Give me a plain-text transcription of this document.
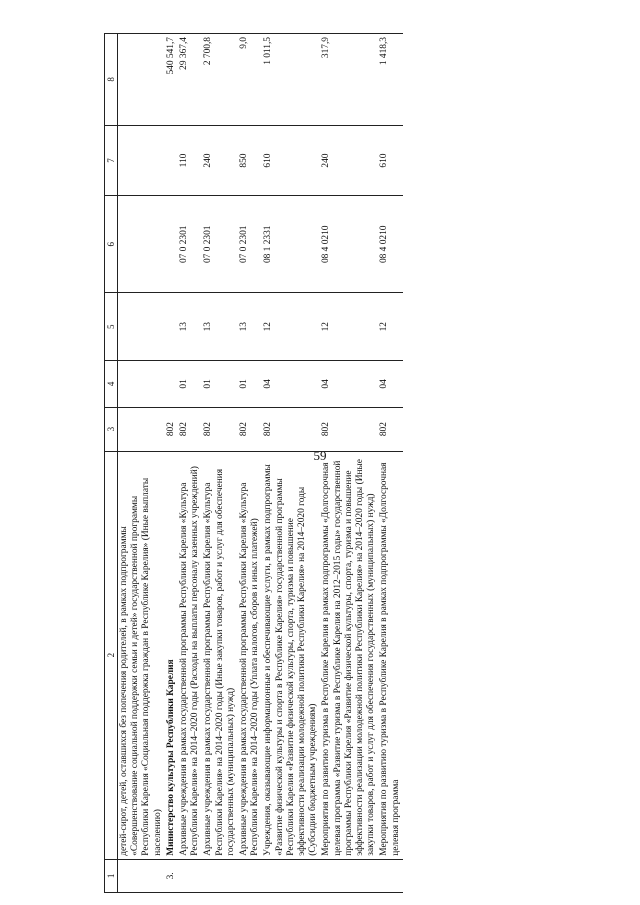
59
1	2	3	4	5	6	7	8
	детей-сирот, детей, оставшихся без попечения родителей, в рамках подпрограммы «Совершенствование социальной поддержки семьи и детей» государственной программы Республики Карелия «Социальная поддержка граждан в Республике Карелия» (Иные выплаты населению)						
3.	Министерство культуры Республики Карелия	802					540 541,7
	Архивные учреждения в рамках государственной программы Республики Карелия «Культура Республики Карелия» на 2014–2020 годы (Расходы на выплаты персоналу казенных учреждений)	802	01	13	07 0 2301	110	29 367,4
	Архивные учреждения в рамках государственной программы Республики Карелия «Культура Республики Карелия» на 2014–2020 годы (Иные закупки товаров, работ и услуг для обеспечения государственных (муниципальных) нужд)	802	01	13	07 0 2301	240	2 700,8
	Архивные учреждения в рамках государственной программы Республики Карелия «Культура Республики Карелия» на 2014–2020 годы (Уплата налогов, сборов и иных платежей)	802	01	13	07 0 2301	850	9,0
	Учреждения, оказывающие информационные и обеспечивающие услуги, в рамках подпрограммы «Развитие физической культуры и спорта в Республике Карелия» государственной программы Республики Карелия «Развитие физической культуры, спорта, туризма и повышение эффективности реализации молодежной политики Республики Карелия» на 2014–2020 годы (Субсидии бюджетным учреждениям)	802	04	12	08 1 2331	610	1 011,5
	Мероприятия по развитию туризма в Республике Карелия в рамках подпрограммы «Долгосрочная целевая программа «Развитие туризма в Республике Карелия на 2012–2015 годы» государственной программы Республики Карелия «Развитие физической культуры, спорта, туризма и повышение эффективности реализации молодежной политики Республики Карелия» на 2014–2020 годы (Иные закупки товаров, работ и услуг для обеспечения государственных (муниципальных) нужд)	802	04	12	08 4 0210	240	317,9
	Мероприятия по развитию туризма в Республике Карелия в рамках подпрограммы «Долгосрочная целевая программа	802	04	12	08 4 0210	610	1 418,3
